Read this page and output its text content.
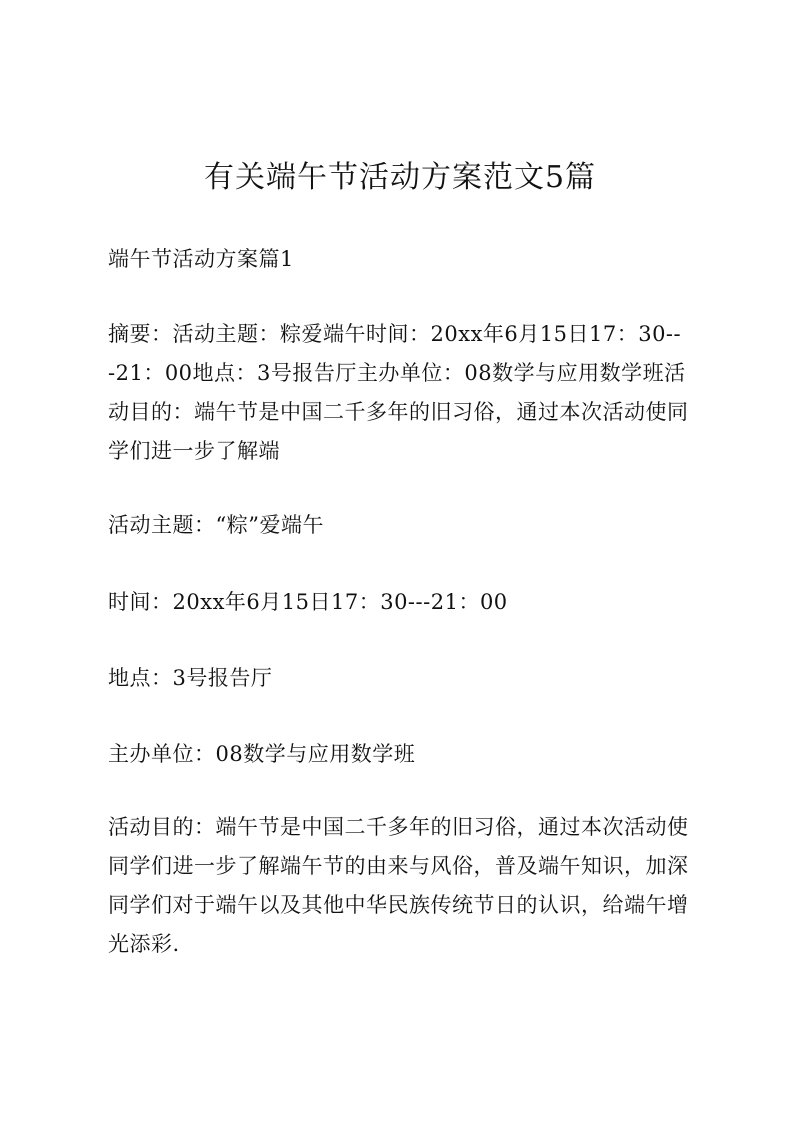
有关端午节活动方案范文5篇

端午节活动方案篇1

摘要：活动主题：粽爱端午时间：20xx年6月15日17：30---21：00地点：3号报告厅主办单位：08数学与应用数学班活动目的：端午节是中国二千多年的旧习俗，通过本次活动使同学们进一步了解端

活动主题：“粽”爱端午

时间：20xx年6月15日17：30---21：00

地点：3号报告厅

主办单位：08数学与应用数学班

活动目的：端午节是中国二千多年的旧习俗，通过本次活动使同学们进一步了解端午节的由来与风俗，普及端午知识，加深同学们对于端午以及其他中华民族传统节日的认识，给端午增光添彩.
